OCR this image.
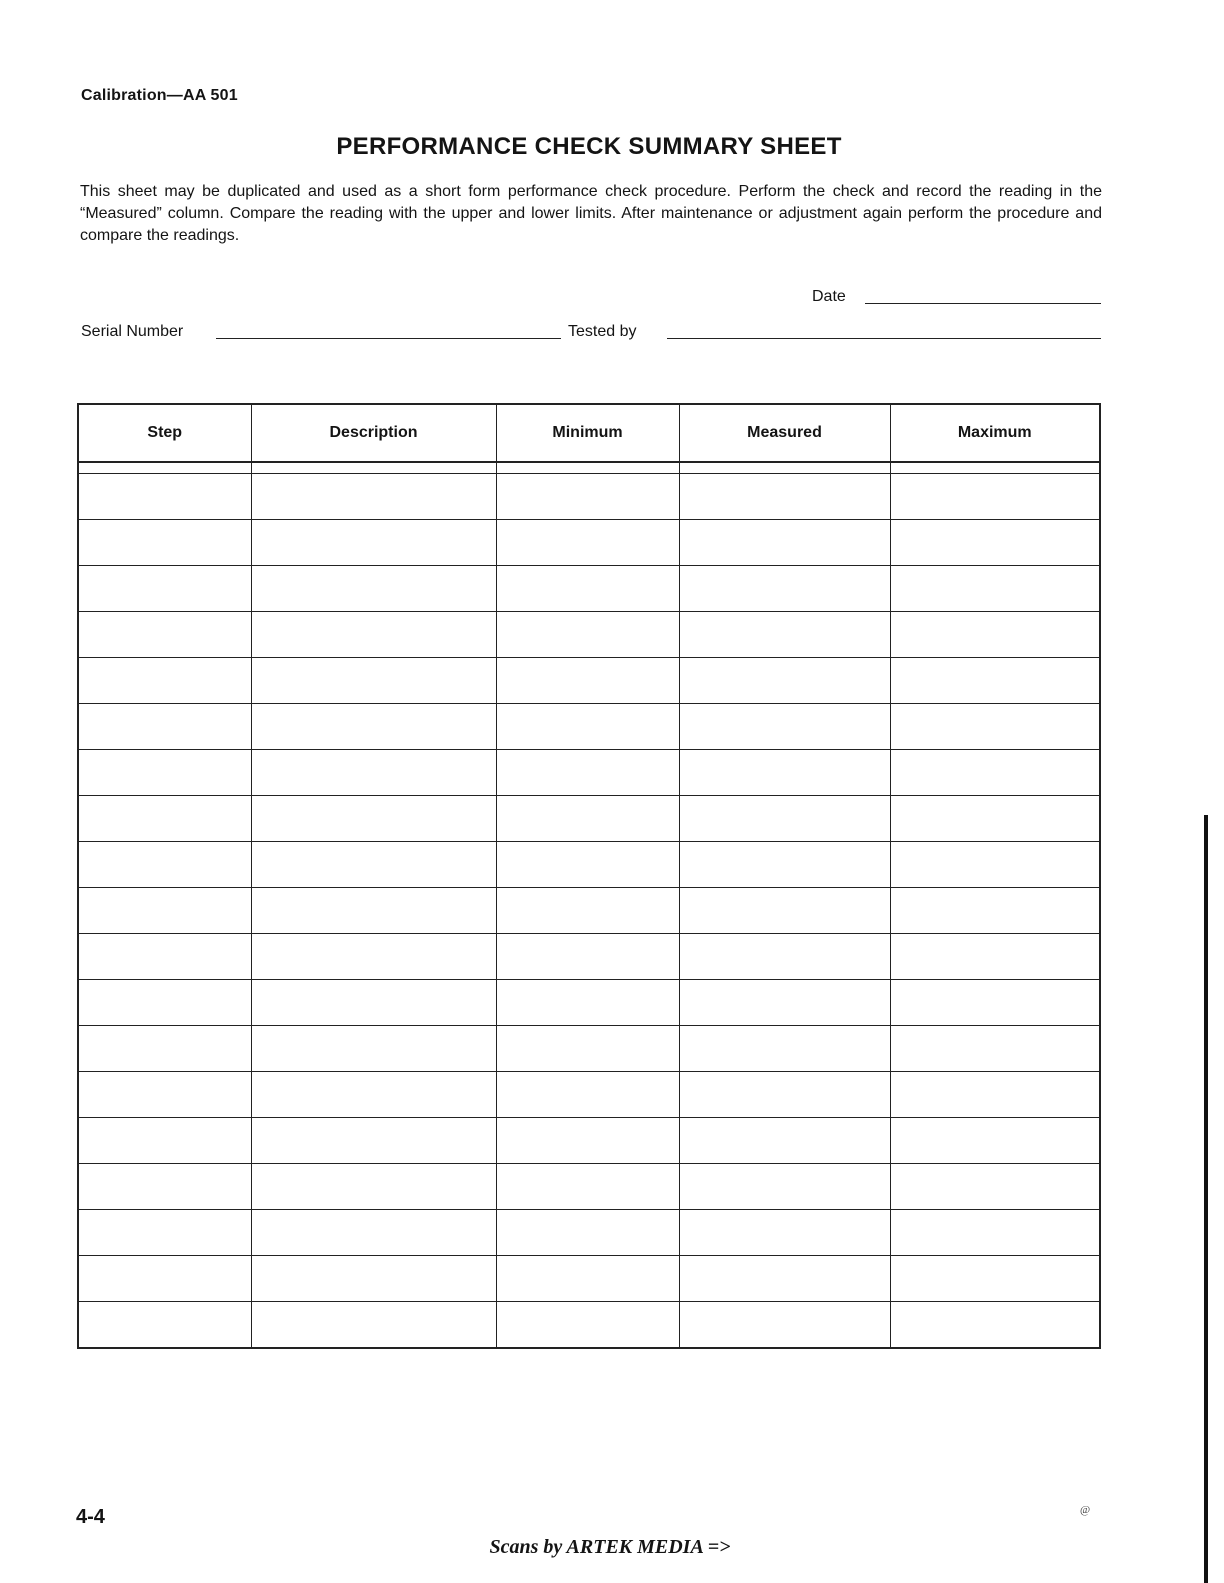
Calibration—AA 501
PERFORMANCE CHECK SUMMARY SHEET
This sheet may be duplicated and used as a short form performance check procedure. Perform the check and record the reading in the “Measured” column. Compare the reading with the upper and lower limits. After maintenance or adjustment again perform the procedure and compare the readings.
Date
Serial Number	Tested by
Step	Description	Minimum	Measured	Maximum

4-4	@
Scans by ARTEK MEDIA =>
